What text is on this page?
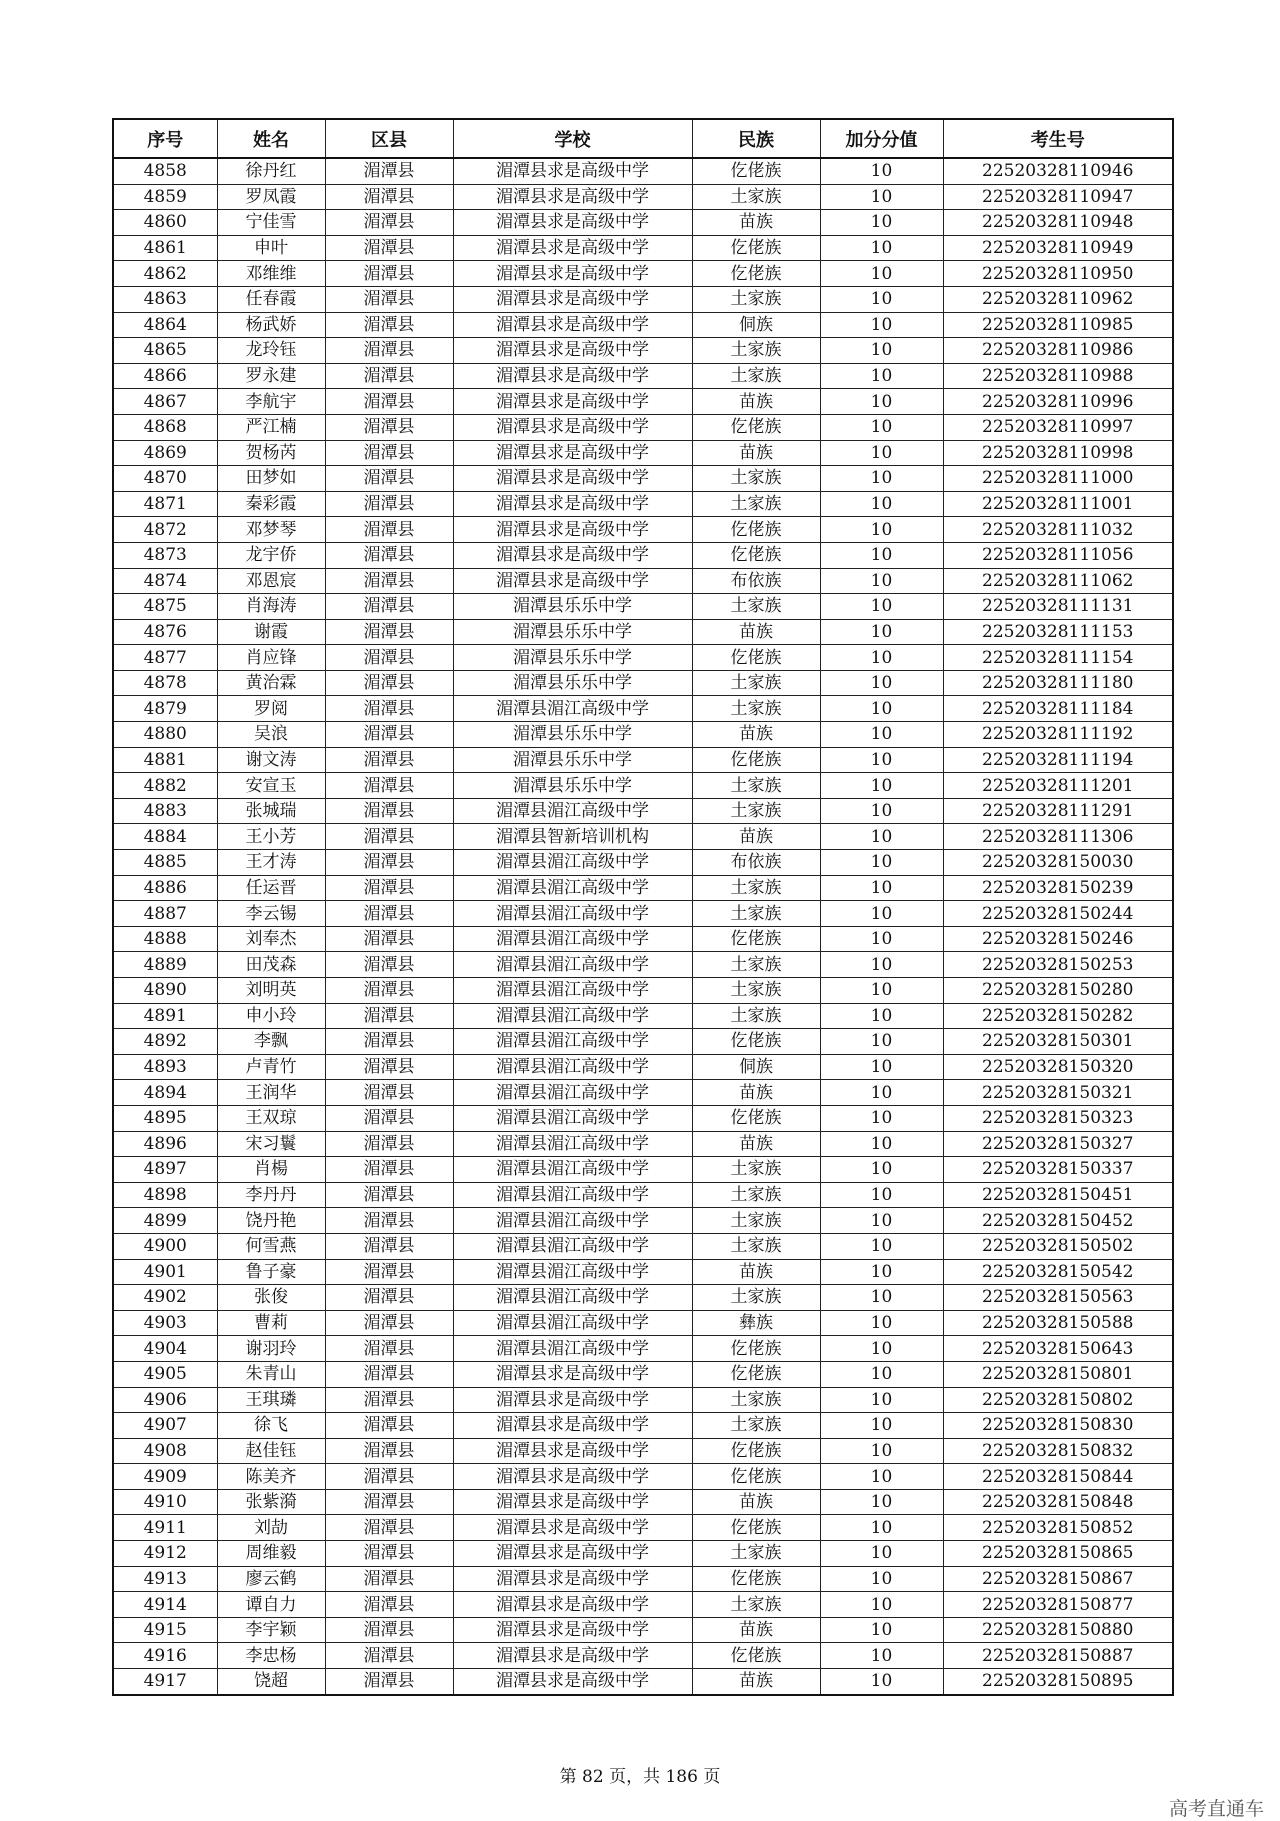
序号	姓名	区县	学校	民族	加分分值	考生号
4858	徐丹红	湄潭县	湄潭县求是高级中学	仡佬族	10	22520328110946
4859	罗凤霞	湄潭县	湄潭县求是高级中学	土家族	10	22520328110947
4860	宁佳雪	湄潭县	湄潭县求是高级中学	苗族	10	22520328110948
4861	申叶	湄潭县	湄潭县求是高级中学	仡佬族	10	22520328110949
4862	邓维维	湄潭县	湄潭县求是高级中学	仡佬族	10	22520328110950
4863	任春霞	湄潭县	湄潭县求是高级中学	土家族	10	22520328110962
4864	杨武娇	湄潭县	湄潭县求是高级中学	侗族	10	22520328110985
4865	龙玲钰	湄潭县	湄潭县求是高级中学	土家族	10	22520328110986
4866	罗永建	湄潭县	湄潭县求是高级中学	土家族	10	22520328110988
4867	李航宇	湄潭县	湄潭县求是高级中学	苗族	10	22520328110996
4868	严江楠	湄潭县	湄潭县求是高级中学	仡佬族	10	22520328110997
4869	贺杨芮	湄潭县	湄潭县求是高级中学	苗族	10	22520328110998
4870	田梦如	湄潭县	湄潭县求是高级中学	土家族	10	22520328111000
4871	秦彩霞	湄潭县	湄潭县求是高级中学	土家族	10	22520328111001
4872	邓梦琴	湄潭县	湄潭县求是高级中学	仡佬族	10	22520328111032
4873	龙宇侨	湄潭县	湄潭县求是高级中学	仡佬族	10	22520328111056
4874	邓恩宸	湄潭县	湄潭县求是高级中学	布依族	10	22520328111062
4875	肖海涛	湄潭县	湄潭县乐乐中学	土家族	10	22520328111131
4876	谢霞	湄潭县	湄潭县乐乐中学	苗族	10	22520328111153
4877	肖应锋	湄潭县	湄潭县乐乐中学	仡佬族	10	22520328111154
4878	黄治霖	湄潭县	湄潭县乐乐中学	土家族	10	22520328111180
4879	罗阅	湄潭县	湄潭县湄江高级中学	土家族	10	22520328111184
4880	吴浪	湄潭县	湄潭县乐乐中学	苗族	10	22520328111192
4881	谢文涛	湄潭县	湄潭县乐乐中学	仡佬族	10	22520328111194
4882	安宣玉	湄潭县	湄潭县乐乐中学	土家族	10	22520328111201
4883	张城瑞	湄潭县	湄潭县湄江高级中学	土家族	10	22520328111291
4884	王小芳	湄潭县	湄潭县智新培训机构	苗族	10	22520328111306
4885	王才涛	湄潭县	湄潭县湄江高级中学	布依族	10	22520328150030
4886	任运晋	湄潭县	湄潭县湄江高级中学	土家族	10	22520328150239
4887	李云锡	湄潭县	湄潭县湄江高级中学	土家族	10	22520328150244
4888	刘奉杰	湄潭县	湄潭县湄江高级中学	仡佬族	10	22520328150246
4889	田茂森	湄潭县	湄潭县湄江高级中学	土家族	10	22520328150253
4890	刘明英	湄潭县	湄潭县湄江高级中学	土家族	10	22520328150280
4891	申小玲	湄潭县	湄潭县湄江高级中学	土家族	10	22520328150282
4892	李飘	湄潭县	湄潭县湄江高级中学	仡佬族	10	22520328150301
4893	卢青竹	湄潭县	湄潭县湄江高级中学	侗族	10	22520328150320
4894	王润华	湄潭县	湄潭县湄江高级中学	苗族	10	22520328150321
4895	王双琼	湄潭县	湄潭县湄江高级中学	仡佬族	10	22520328150323
4896	宋习鬟	湄潭县	湄潭县湄江高级中学	苗族	10	22520328150327
4897	肖楊	湄潭县	湄潭县湄江高级中学	土家族	10	22520328150337
4898	李丹丹	湄潭县	湄潭县湄江高级中学	土家族	10	22520328150451
4899	饶丹艳	湄潭县	湄潭县湄江高级中学	土家族	10	22520328150452
4900	何雪燕	湄潭县	湄潭县湄江高级中学	土家族	10	22520328150502
4901	鲁子豪	湄潭县	湄潭县湄江高级中学	苗族	10	22520328150542
4902	张俊	湄潭县	湄潭县湄江高级中学	土家族	10	22520328150563
4903	曹莉	湄潭县	湄潭县湄江高级中学	彝族	10	22520328150588
4904	谢羽玲	湄潭县	湄潭县湄江高级中学	仡佬族	10	22520328150643
4905	朱青山	湄潭县	湄潭县求是高级中学	仡佬族	10	22520328150801
4906	王琪璘	湄潭县	湄潭县求是高级中学	土家族	10	22520328150802
4907	徐飞	湄潭县	湄潭县求是高级中学	土家族	10	22520328150830
4908	赵佳钰	湄潭县	湄潭县求是高级中学	仡佬族	10	22520328150832
4909	陈美齐	湄潭县	湄潭县求是高级中学	仡佬族	10	22520328150844
4910	张紫漪	湄潭县	湄潭县求是高级中学	苗族	10	22520328150848
4911	刘劼	湄潭县	湄潭县求是高级中学	仡佬族	10	22520328150852
4912	周维毅	湄潭县	湄潭县求是高级中学	土家族	10	22520328150865
4913	廖云鹤	湄潭县	湄潭县求是高级中学	仡佬族	10	22520328150867
4914	谭自力	湄潭县	湄潭县求是高级中学	土家族	10	22520328150877
4915	李宇颖	湄潭县	湄潭县求是高级中学	苗族	10	22520328150880
4916	李忠杨	湄潭县	湄潭县求是高级中学	仡佬族	10	22520328150887
4917	饶超	湄潭县	湄潭县求是高级中学	苗族	10	22520328150895
第 82 页，共 186 页
高考直通车
